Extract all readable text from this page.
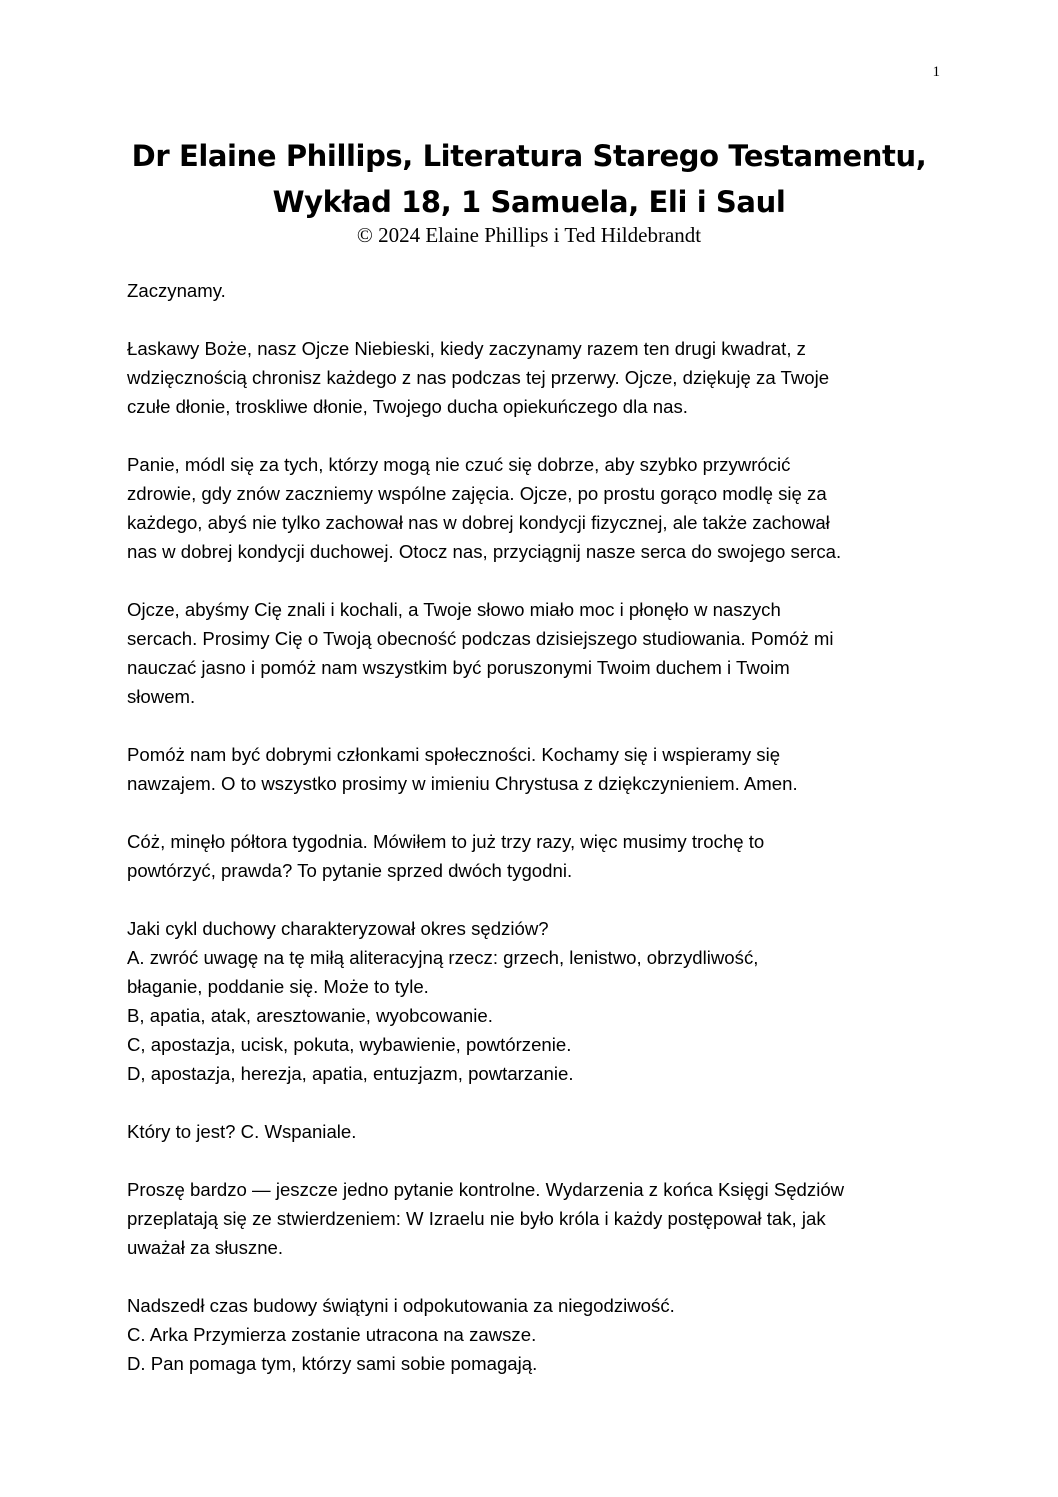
1
Dr Elaine Phillips, Literatura Starego Testamentu,
Wykład 18, 1 Samuela, Eli i Saul
© 2024 Elaine Phillips i Ted Hildebrandt

Zaczynamy.

Łaskawy Boże, nasz Ojcze Niebieski, kiedy zaczynamy razem ten drugi kwadrat, z
wdzięcznością chronisz każdego z nas podczas tej przerwy. Ojcze, dziękuję za Twoje
czułe dłonie, troskliwe dłonie, Twojego ducha opiekuńczego dla nas.

Panie, módl się za tych, którzy mogą nie czuć się dobrze, aby szybko przywrócić
zdrowie, gdy znów zaczniemy wspólne zajęcia. Ojcze, po prostu gorąco modlę się za
każdego, abyś nie tylko zachował nas w dobrej kondycji fizycznej, ale także zachował
nas w dobrej kondycji duchowej. Otocz nas, przyciągnij nasze serca do swojego serca.

Ojcze, abyśmy Cię znali i kochali, a Twoje słowo miało moc i płonęło w naszych
sercach. Prosimy Cię o Twoją obecność podczas dzisiejszego studiowania. Pomóż mi
nauczać jasno i pomóż nam wszystkim być poruszonymi Twoim duchem i Twoim
słowem.

Pomóż nam być dobrymi członkami społeczności. Kochamy się i wspieramy się
nawzajem. O to wszystko prosimy w imieniu Chrystusa z dziękczynieniem. Amen.

Cóż, minęło półtora tygodnia. Mówiłem to już trzy razy, więc musimy trochę to
powtórzyć, prawda? To pytanie sprzed dwóch tygodni.

Jaki cykl duchowy charakteryzował okres sędziów?
A. zwróć uwagę na tę miłą aliteracyjną rzecz: grzech, lenistwo, obrzydliwość,
błaganie, poddanie się. Może to tyle.
B, apatia, atak, aresztowanie, wyobcowanie.
C, apostazja, ucisk, pokuta, wybawienie, powtórzenie.
D, apostazja, herezja, apatia, entuzjazm, powtarzanie.

Który to jest? C. Wspaniale.

Proszę bardzo — jeszcze jedno pytanie kontrolne. Wydarzenia z końca Księgi Sędziów
przeplatają się ze stwierdzeniem: W Izraelu nie było króla i każdy postępował tak, jak
uważał za słuszne.

Nadszedł czas budowy świątyni i odpokutowania za niegodziwość.
C. Arka Przymierza zostanie utracona na zawsze.
D. Pan pomaga tym, którzy sami sobie pomagają.
